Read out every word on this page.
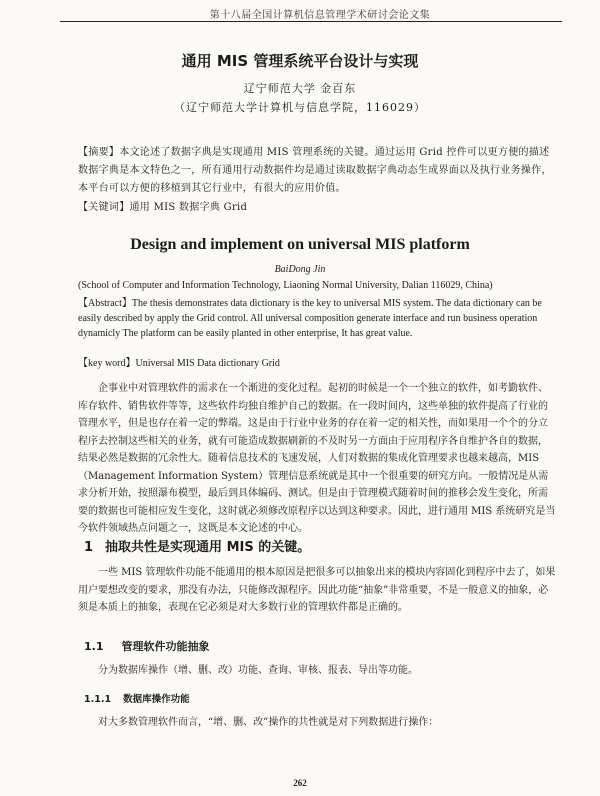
第十八届全国计算机信息管理学术研讨会论文集
通用 MIS 管理系统平台设计与实现
辽宁师范大学 金百东
（辽宁师范大学计算机与信息学院，116029）
【摘要】本文论述了数据字典是实现通用 MIS 管理系统的关键。通过运用 Grid 控件可以更方便的描述数据字典是本文特色之一，所有通用行动数据件均是通过读取数据字典动态生成界面以及执行业务操作，本平台可以方便的移植到其它行业中，有很大的应用价值。
【关键词】通用 MIS 数据字典 Grid
Design and implement on universal MIS platform
BaiDong Jin
(School of Computer and Information Technology, Liaoning Normal University, Dalian 116029, China)
【Abstract】The thesis demonstrates data dictionary is the key to universal MIS system. The data dictionary can be easily described by apply the Grid control. All universal composition generate interface and run business operation dynamicly The platform can be easily planted in other enterprise, It has great value.
【key word】Universal MIS Data dictionary Grid
企事业中对管理软件的需求在一个渐进的变化过程。起初的时候是一个一个独立的软件，如考勤软件、库存软件、销售软件等等，这些软件均独自维护自己的数据。在一段时间内，这些单独的软件提高了行业的管理水平，但是也存在着一定的弊端。这是由于行业中业务的存在着一定的相关性，而如果用一个个的分立程序去控制这些相关的业务，就有可能造成数据刷新的不及时另一方面由于应用程序各自维护各自的数据，结果必然是数据的冗余性大。随着信息技术的飞速发展，人们对数据的集成化管理要求也越来越高，MIS（Management Information System）管理信息系统就是其中一个很重要的研究方向。一般情况是从需求分析开始，按照瀑布模型，最后到具体编码、测试。但是由于管理模式随着时间的推移会发生变化，所需要的数据也可能相应发生变化，这时就必须修改原程序以达到这种要求。因此，进行通用 MIS 系统研究是当今软件领域热点问题之一，这既是本文论述的中心。
1 抽取共性是实现通用 MIS 的关键。
一些 MIS 管理软件功能不能通用的根本原因是把很多可以抽象出来的模块内容固化到程序中去了，如果用户要想改变的要求，那没有办法，只能修改源程序。因此功能“抽象”非常重要，不是一般意义的抽象，必须是本质上的抽象，表现在它必须是对大多数行业的管理软件都是正确的。
1.1 管理软件功能抽象
分为数据库操作（增、删、改）功能、查询、审核、报表、导出等功能。
1.1.1 数据库操作功能
对大多数管理软件而言，“增、删、改”操作的共性就是对下列数据进行操作：
262
